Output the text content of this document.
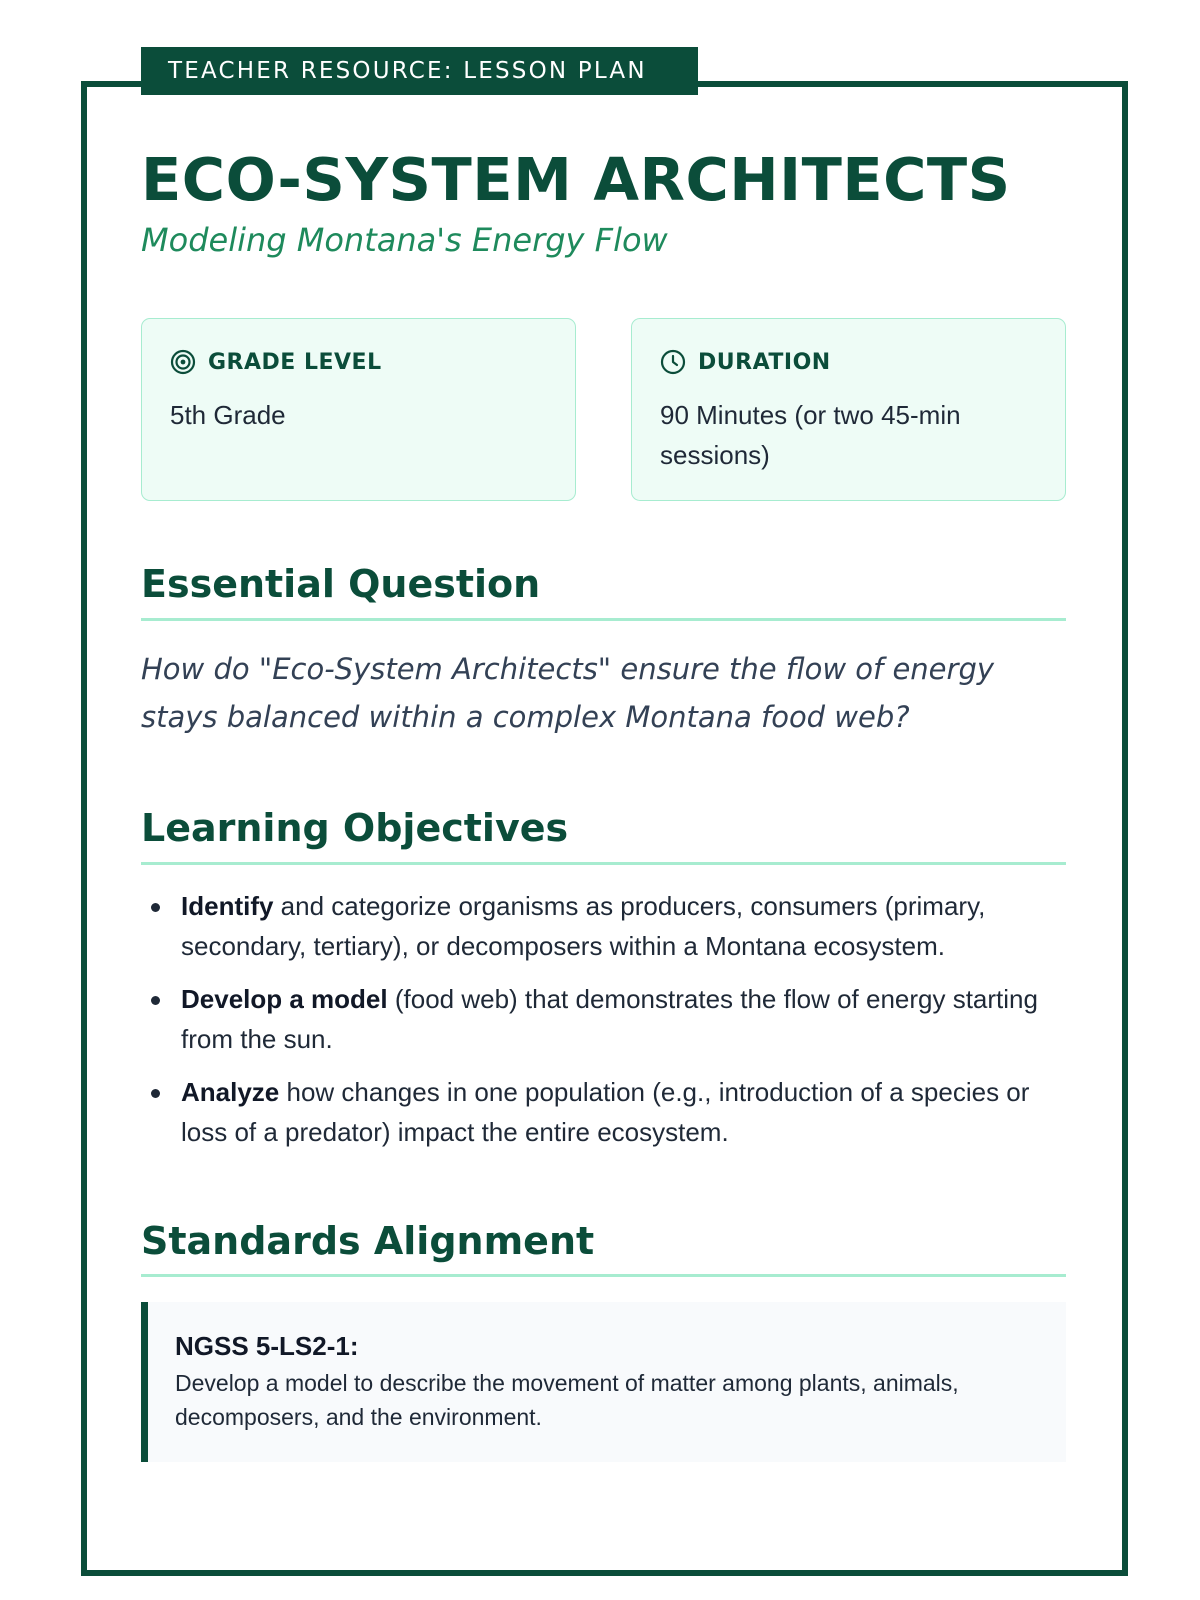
TEACHER RESOURCE: LESSON PLAN
ECO-SYSTEM ARCHITECTS

Modeling Montana's Energy Flow

GRADE LEVEL
5th Grade
DURATION
90 Minutes (or two 45-min sessions)
Essential Question

How do "Eco-System Architects" ensure the flow of energy stays balanced within a complex Montana food web?

Learning Objectives
Identify and categorize organisms as producers, consumers (primary, secondary, tertiary), or decomposers within a Montana ecosystem.
Develop a model (food web) that demonstrates the flow of energy starting from the sun.
Analyze how changes in one population (e.g., introduction of a species or loss of a predator) impact the entire ecosystem.
Standards Alignment
NGSS 5-LS2-1:
Develop a model to describe the movement of matter among plants, animals, decomposers, and the environment.
